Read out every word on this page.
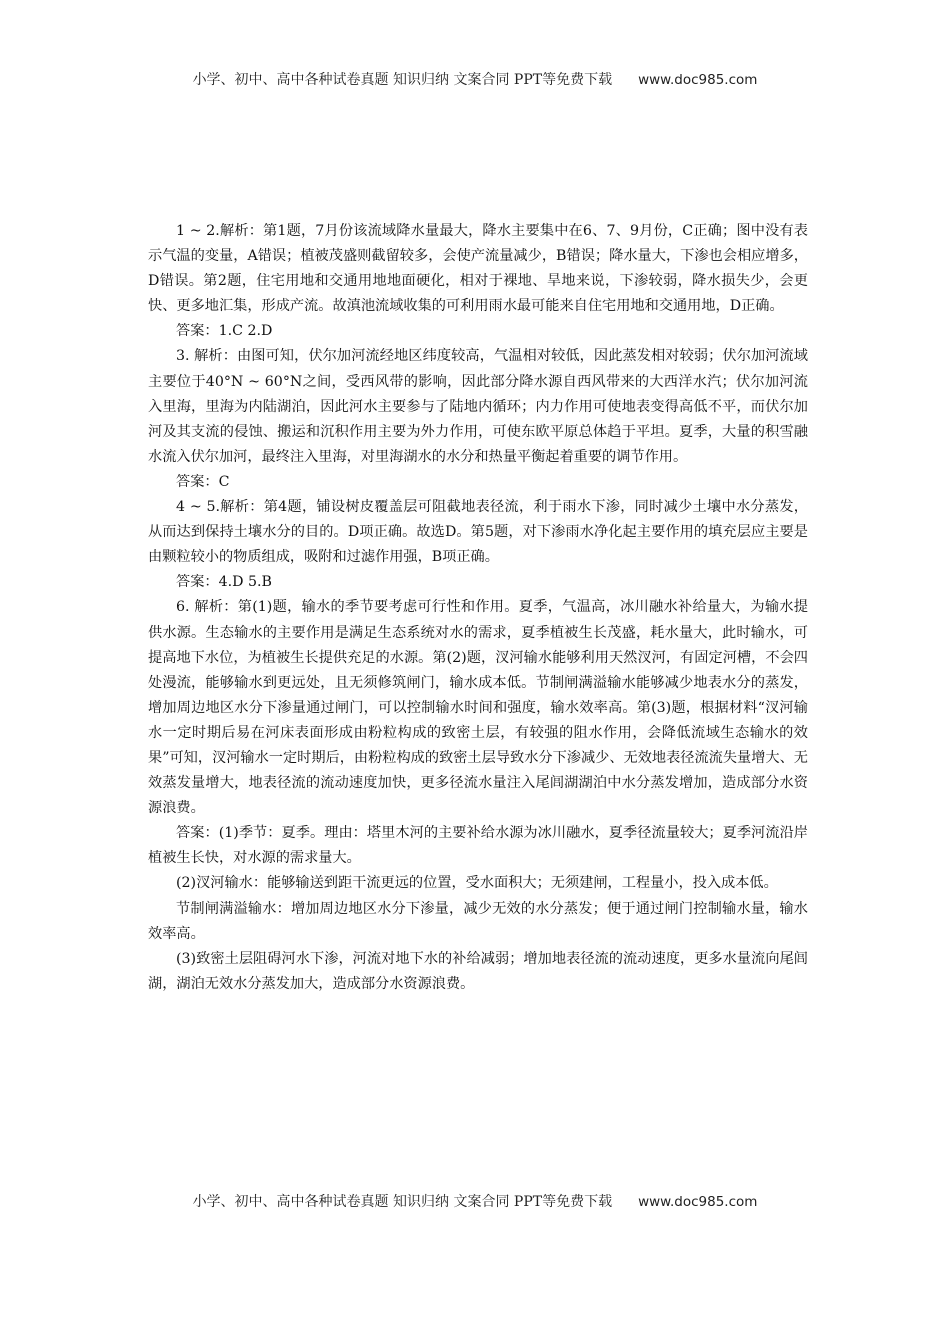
小学、初中、高中各种试卷真题 知识归纳 文案合同 PPT等免费下载 www.doc985.com

1 ~ 2.解析：第1题，7月份该流域降水量最大，降水主要集中在6、7、9月份，C正确；图中没有表示气温的变量，A错误；植被茂盛则截留较多，会使产流量减少，B错误；降水量大，下渗也会相应增多，D错误。第2题，住宅用地和交通用地地面硬化，相对于裸地、旱地来说，下渗较弱，降水损失少，会更快、更多地汇集，形成产流。故滇池流域收集的可利用雨水最可能来自住宅用地和交通用地，D正确。

答案：1.C 2.D

3. 解析：由图可知，伏尔加河流经地区纬度较高，气温相对较低，因此蒸发相对较弱；伏尔加河流域主要位于40°N ~ 60°N之间，受西风带的影响，因此部分降水源自西风带来的大西洋水汽；伏尔加河流入里海，里海为内陆湖泊，因此河水主要参与了陆地内循环；内力作用可使地表变得高低不平，而伏尔加河及其支流的侵蚀、搬运和沉积作用主要为外力作用，可使东欧平原总体趋于平坦。夏季，大量的积雪融水流入伏尔加河，最终注入里海，对里海湖水的水分和热量平衡起着重要的调节作用。

答案：C

4 ~ 5.解析：第4题，铺设树皮覆盖层可阻截地表径流，利于雨水下渗，同时减少土壤中水分蒸发，从而达到保持土壤水分的目的。D项正确。故选D。第5题，对下渗雨水净化起主要作用的填充层应主要是由颗粒较小的物质组成，吸附和过滤作用强，B项正确。

答案：4.D 5.B

6. 解析：第(1)题，输水的季节要考虑可行性和作用。夏季，气温高，冰川融水补给量大，为输水提供水源。生态输水的主要作用是满足生态系统对水的需求，夏季植被生长茂盛，耗水量大，此时输水，可提高地下水位，为植被生长提供充足的水源。第(2)题，汊河输水能够利用天然汊河，有固定河槽，不会四处漫流，能够输水到更远处，且无须修筑闸门，输水成本低。节制闸满溢输水能够减少地表水分的蒸发，增加周边地区水分下渗量通过闸门，可以控制输水时间和强度，输水效率高。第(3)题，根据材料“汊河输水一定时期后易在河床表面形成由粉粒构成的致密土层，有较强的阻水作用，会降低流域生态输水的效果”可知，汊河输水一定时期后，由粉粒构成的致密土层导致水分下渗减少、无效地表径流流失量增大、无效蒸发量增大，地表径流的流动速度加快，更多径流水量注入尾闾湖湖泊中水分蒸发增加，造成部分水资源浪费。

答案：(1)季节：夏季。理由：塔里木河的主要补给水源为冰川融水，夏季径流量较大；夏季河流沿岸植被生长快，对水源的需求量大。

(2)汊河输水：能够输送到距干流更远的位置，受水面积大；无须建闸，工程量小，投入成本低。

节制闸满溢输水：增加周边地区水分下渗量，减少无效的水分蒸发；便于通过闸门控制输水量，输水效率高。

(3)致密土层阻碍河水下渗，河流对地下水的补给减弱；增加地表径流的流动速度，更多水量流向尾闾湖，湖泊无效水分蒸发加大，造成部分水资源浪费。

小学、初中、高中各种试卷真题 知识归纳 文案合同 PPT等免费下载 www.doc985.com
